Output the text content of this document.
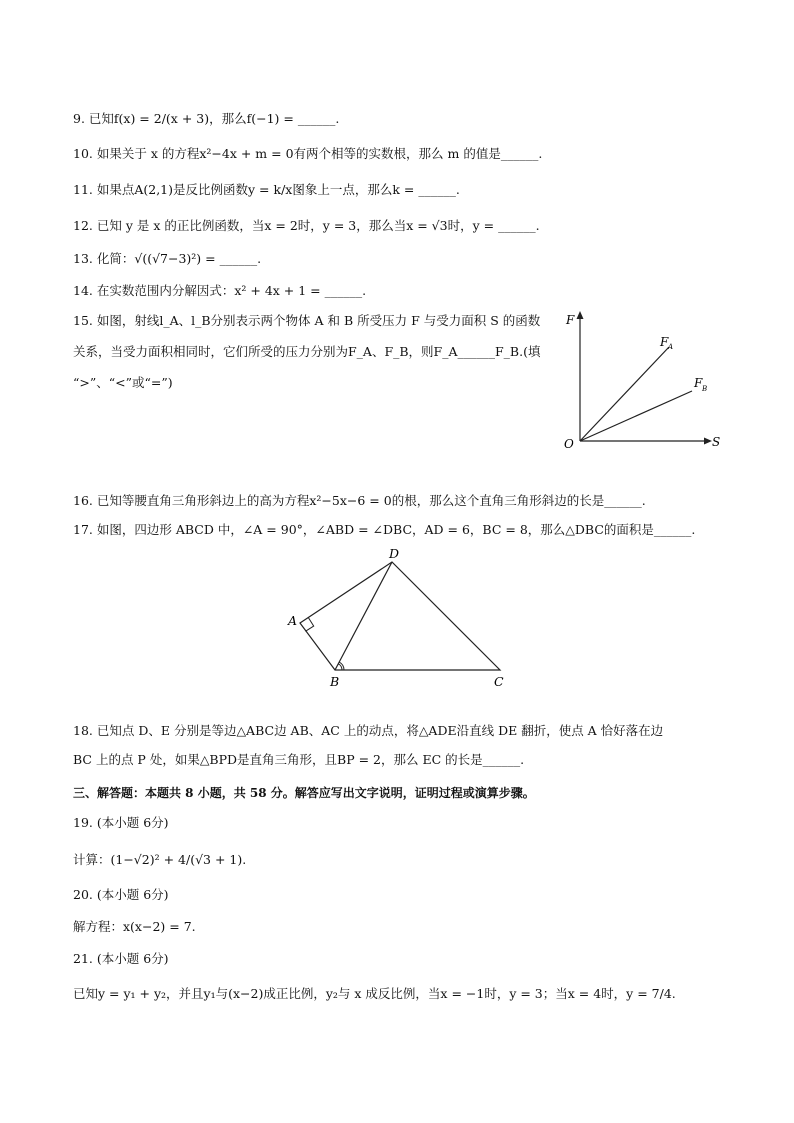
9. 已知f(x) = 2/(x + 3)，那么f(−1) = ______.
10. 如果关于 x 的方程x²−4x + m = 0有两个相等的实数根，那么 m 的值是______.
11. 如果点A(2,1)是反比例函数y = k/x图象上一点，那么k = ______.
12. 已知 y 是 x 的正比例函数，当x = 2时，y = 3，那么当x = √3时，y = ______.
13. 化简：√((√7−3)²) = ______.
14. 在实数范围内分解因式：x² + 4x + 1 = ______.
15. 如图，射线l_A、l_B分别表示两个物体 A 和 B 所受压力 F 与受力面积 S 的函数
关系，当受力面积相同时，它们所受的压力分别为F_A、F_B，则F_A______F_B.(填
“>”、“<”或“=”)
F
S
O
F A
F B
16. 已知等腰直角三角形斜边上的高为方程x²−5x−6 = 0的根，那么这个直角三角形斜边的长是______.
17. 如图，四边形 ABCD 中，∠A = 90°，∠ABD = ∠DBC，AD = 6，BC = 8，那么△DBC的面积是______.
A
B	C
D
18. 已知点 D、E 分别是等边△ABC边 AB、AC 上的动点，将△ADE沿直线 DE 翻折，使点 A 恰好落在边
BC 上的点 P 处，如果△BPD是直角三角形，且BP = 2，那么 EC 的长是______.
三、解答题：本题共 8 小题，共 58 分。解答应写出文字说明，证明过程或演算步骤。
19. (本小题 6分)
计算：(1−√2)² + 4/(√3 + 1).
20. (本小题 6分)
解方程：x(x−2) = 7.
21. (本小题 6分)
已知y = y₁ + y₂，并且y₁与(x−2)成正比例，y₂与 x 成反比例，当x = −1时，y = 3；当x = 4时，y = 7/4.
